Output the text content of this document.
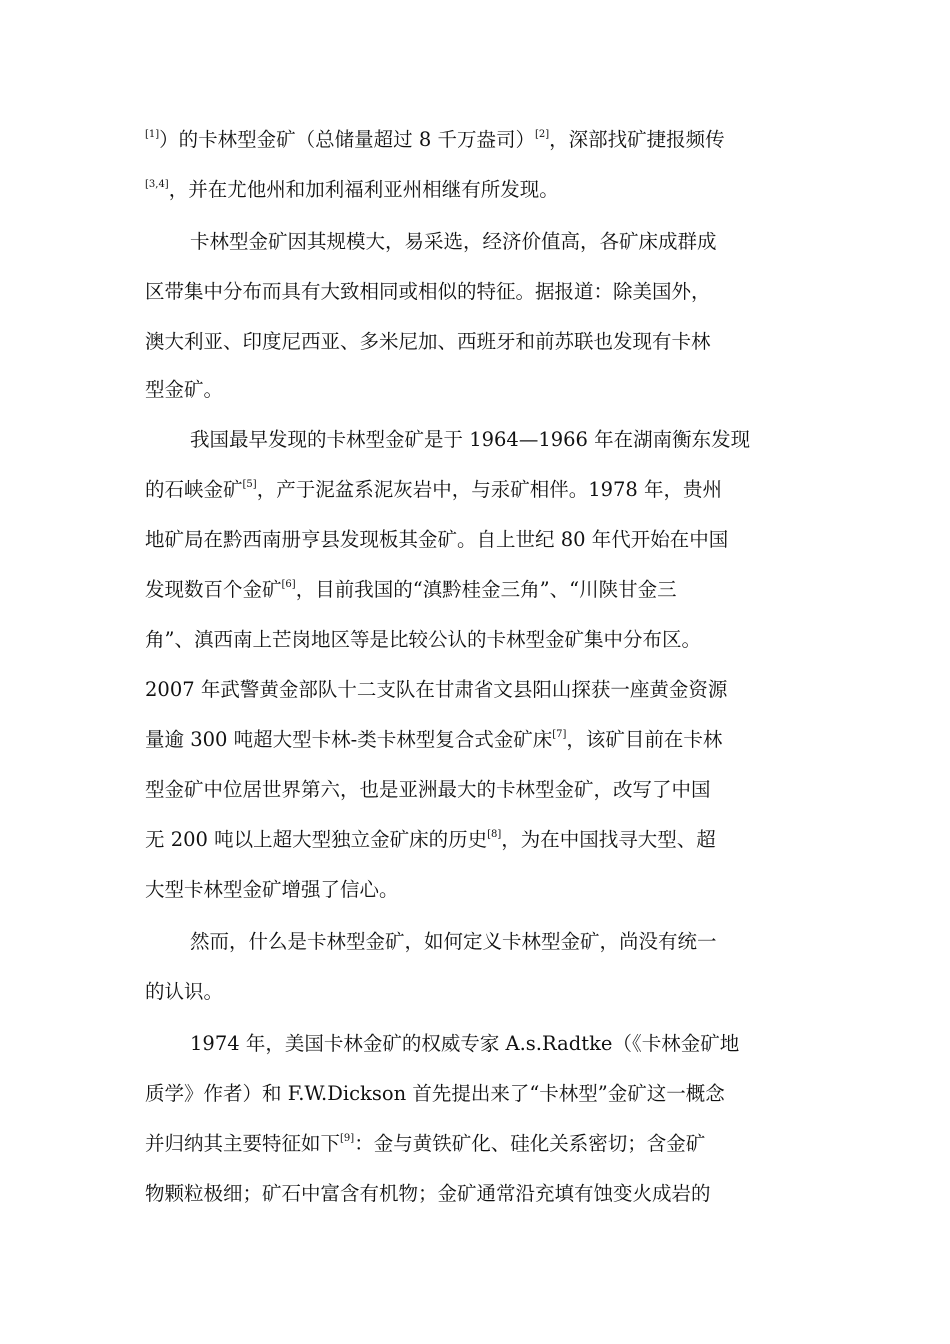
[1]）的卡林型金矿（总储量超过 8 千万盎司）[2]，深部找矿捷报频传
[3,4]，并在尤他州和加利福利亚州相继有所发现。
卡林型金矿因其规模大，易采选，经济价值高，各矿床成群成
区带集中分布而具有大致相同或相似的特征。据报道：除美国外，
澳大利亚、印度尼西亚、多米尼加、西班牙和前苏联也发现有卡林
型金矿。
我国最早发现的卡林型金矿是于 1964—1966 年在湖南衡东发现
的石峡金矿[5]，产于泥盆系泥灰岩中，与汞矿相伴。1978 年，贵州
地矿局在黔西南册亨县发现板其金矿。自上世纪 80 年代开始在中国
发现数百个金矿[6]，目前我国的“滇黔桂金三角”、“川陕甘金三
角”、滇西南上芒岗地区等是比较公认的卡林型金矿集中分布区。
2007 年武警黄金部队十二支队在甘肃省文县阳山探获一座黄金资源
量逾 300 吨超大型卡林-类卡林型复合式金矿床[7]，该矿目前在卡林
型金矿中位居世界第六，也是亚洲最大的卡林型金矿，改写了中国
无 200 吨以上超大型独立金矿床的历史[8]，为在中国找寻大型、超
大型卡林型金矿增强了信心。
然而，什么是卡林型金矿，如何定义卡林型金矿，尚没有统一
的认识。
1974 年，美国卡林金矿的权威专家 A.s.Radtke（《卡林金矿地
质学》作者）和 F.W.Dickson 首先提出来了“卡林型”金矿这一概念
并归纳其主要特征如下[9]：金与黄铁矿化、硅化关系密切；含金矿
物颗粒极细；矿石中富含有机物；金矿通常沿充填有蚀变火成岩的
